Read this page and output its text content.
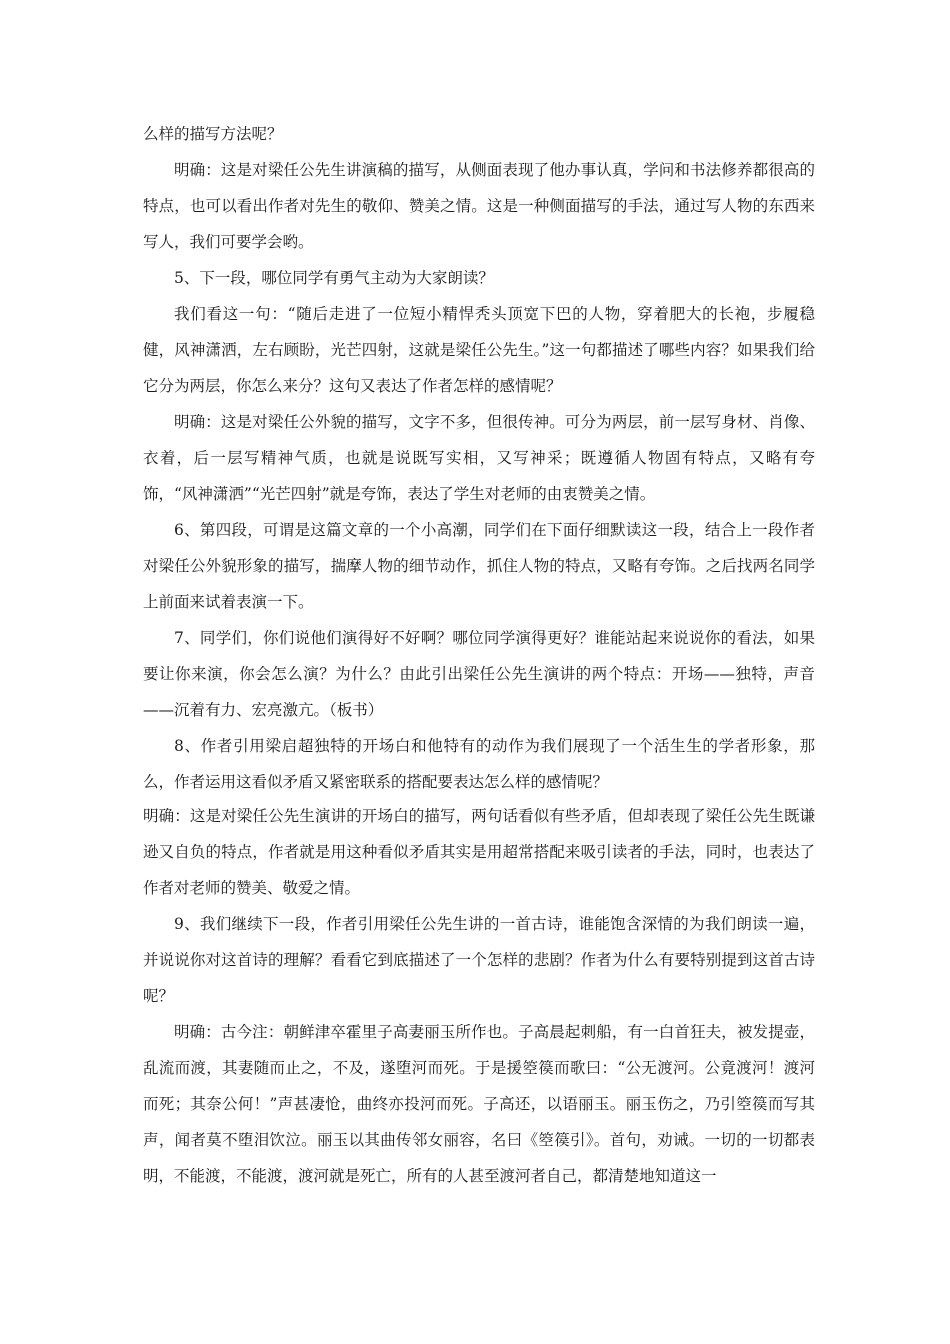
么样的描写方法呢？

明确：这是对梁任公先生讲演稿的描写，从侧面表现了他办事认真，学问和书法修养都很高的特点，也可以看出作者对先生的敬仰、赞美之情。这是一种侧面描写的手法，通过写人物的东西来写人，我们可要学会哟。

5、下一段，哪位同学有勇气主动为大家朗读？

我们看这一句：“随后走进了一位短小精悍秃头顶宽下巴的人物，穿着肥大的长袍，步履稳健，风神潇洒，左右顾盼，光芒四射，这就是梁任公先生。”这一句都描述了哪些内容？如果我们给它分为两层，你怎么来分？这句又表达了作者怎样的感情呢？

明确：这是对梁任公外貌的描写，文字不多，但很传神。可分为两层，前一层写身材、肖像、衣着，后一层写精神气质，也就是说既写实相，又写神采；既遵循人物固有特点，又略有夸饰，“风神潇洒”“光芒四射”就是夸饰，表达了学生对老师的由衷赞美之情。

6、第四段，可谓是这篇文章的一个小高潮，同学们在下面仔细默读这一段，结合上一段作者对梁任公外貌形象的描写，揣摩人物的细节动作，抓住人物的特点，又略有夸饰。之后找两名同学上前面来试着表演一下。

7、同学们，你们说他们演得好不好啊？哪位同学演得更好？谁能站起来说说你的看法，如果要让你来演，你会怎么演？为什么？由此引出梁任公先生演讲的两个特点：开场——独特，声音——沉着有力、宏亮激亢。（板书）

8、作者引用梁启超独特的开场白和他特有的动作为我们展现了一个活生生的学者形象，那么，作者运用这看似矛盾又紧密联系的搭配要表达怎么样的感情呢？

明确：这是对梁任公先生演讲的开场白的描写，两句话看似有些矛盾，但却表现了梁任公先生既谦逊又自负的特点，作者就是用这种看似矛盾其实是用超常搭配来吸引读者的手法，同时，也表达了作者对老师的赞美、敬爱之情。

9、我们继续下一段，作者引用梁任公先生讲的一首古诗，谁能饱含深情的为我们朗读一遍，并说说你对这首诗的理解？看看它到底描述了一个怎样的悲剧？作者为什么有要特别提到这首古诗呢？

明确：古今注：朝鲜津卒霍里子高妻丽玉所作也。子高晨起刺船，有一白首狂夫，被发提壶，乱流而渡，其妻随而止之，不及，遂堕河而死。于是援箜篌而歌曰：“公无渡河。公竟渡河！渡河而死；其奈公何！”声甚凄怆，曲终亦投河而死。子高还，以语丽玉。丽玉伤之，乃引箜篌而写其声，闻者莫不堕泪饮泣。丽玉以其曲传邻女丽容，名曰《箜篌引》。首句，劝诫。一切的一切都表明，不能渡，不能渡，渡河就是死亡，所有的人甚至渡河者自己，都清楚地知道这一
